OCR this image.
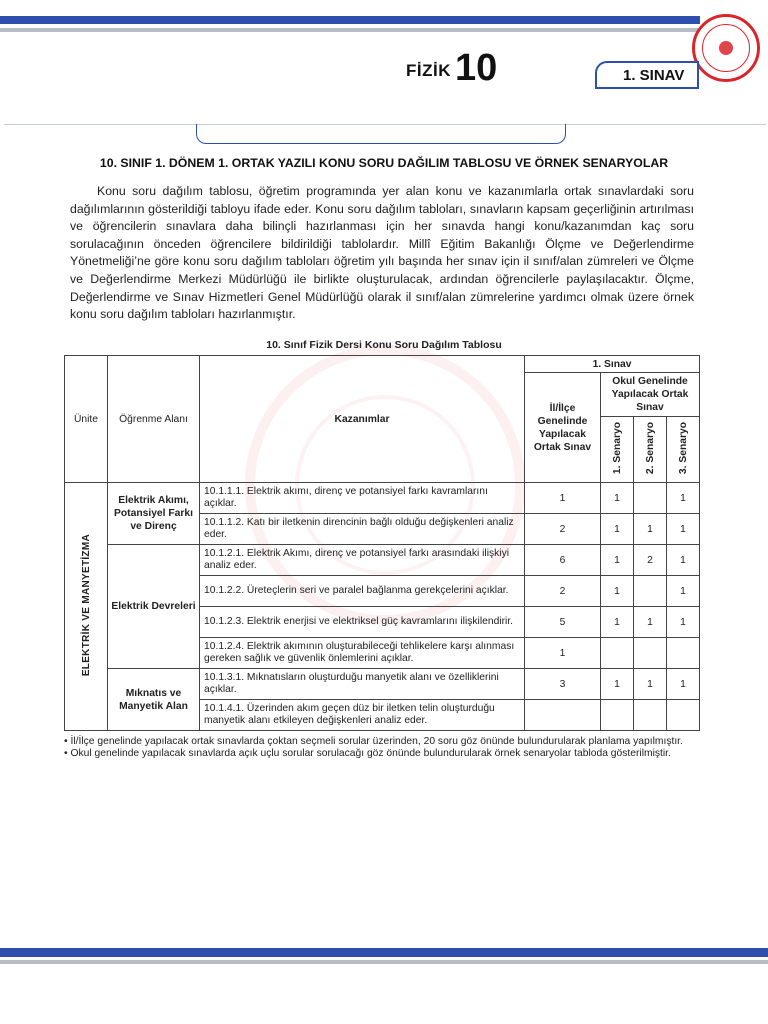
FİZİK 10	1. SINAV
10. SINIF 1. DÖNEM 1. ORTAK YAZILI KONU SORU DAĞILIM TABLOSU VE ÖRNEK SENARYOLAR

Konu soru dağılım tablosu, öğretim programında yer alan konu ve kazanımlarla ortak sınavlardaki soru dağılımlarının gösterildiği tabloyu ifade eder. Konu soru dağılım tabloları, sınavların kapsam geçerliğinin artırılması ve öğrencilerin sınavlara daha bilinçli hazırlanması için her sınavda hangi konu/kazanımdan kaç soru sorulacağının önceden öğrencilere bildirildiği tablolardır. Millî Eğitim Bakanlığı Ölçme ve Değerlendirme Yönetmeliği’ne göre konu soru dağılım tabloları öğretim yılı başında her sınav için il sınıf/alan zümreleri ve Ölçme ve Değerlendirme Merkezi Müdürlüğü ile birlikte oluşturulacak, ardından öğrencilerle paylaşılacaktır. Ölçme, Değerlendirme ve Sınav Hizmetleri Genel Müdürlüğü olarak il sınıf/alan zümrelerine yardımcı olmak üzere örnek konu soru dağılım tabloları hazırlanmıştır.

10. Sınıf Fizik Dersi Konu Soru Dağılım Tablosu
Ünite	Öğrenme Alanı	Kazanımlar	1. Sınav			
			İl/İlçe Genelinde Yapılacak Ortak Sınav	Okul Genelinde Yapılacak Ortak Sınav		
				1. Senaryo	2. Senaryo	3. Senaryo
ELEKTRİK VE MANYETİZMA	Elektrik Akımı, Potansiyel Farkı ve Direnç	10.1.1.1. Elektrik akımı, direnç ve potansiyel farkı kavramlarını açıklar.	1	1		1
		10.1.1.2. Katı bir iletkenin direncinin bağlı olduğu değişkenleri analiz eder.	2	1	1	1
	Elektrik Devreleri	10.1.2.1. Elektrik Akımı, direnç ve potansiyel farkı arasındaki ilişkiyi analiz eder.	6	1	2	1
		10.1.2.2. Üreteçlerin seri ve paralel bağlanma gerekçelerini açıklar.	2	1		1
		10.1.2.3. Elektrik enerjisi ve elektriksel güç kavramlarını ilişkilendirir.	5	1	1	1
		10.1.2.4. Elektrik akımının oluşturabileceği tehlikelere karşı alınması gereken sağlık ve güvenlik önlemlerini açıklar.	1			
	Mıknatıs ve Manyetik Alan	10.1.3.1. Mıknatısların oluşturduğu manyetik alanı ve özelliklerini açıklar.	3	1	1	1
		10.1.4.1. Üzerinden akım geçen düz bir iletken telin oluşturduğu manyetik alanı etkileyen değişkenleri analiz eder.				
• İl/İlçe genelinde yapılacak ortak sınavlarda çoktan seçmeli sorular üzerinden, 20 soru göz önünde bulundurularak planlama yapılmıştır.
• Okul genelinde yapılacak sınavlarda açık uçlu sorular sorulacağı göz önünde bulundurularak örnek senaryolar tabloda gösterilmiştir.
